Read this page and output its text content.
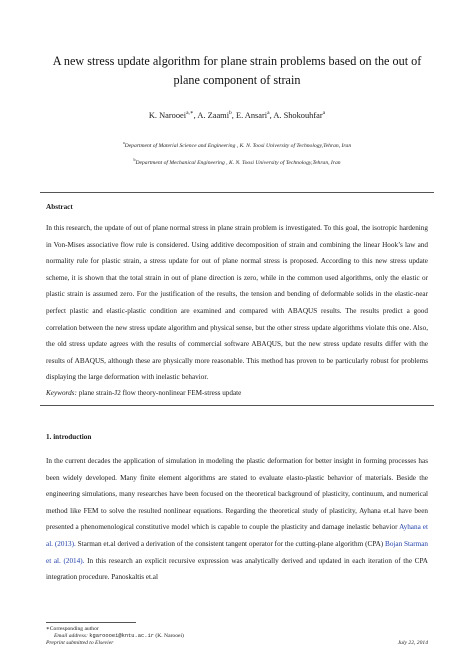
A new stress update algorithm for plane strain problems based on the out of plane component of strain
K. Narooei$^{a,∗}$, A. Zaami$^b$, E. Ansari$^a$, A. Shokouhfar$^a$
$^a$Department of Material Science and Engineering , K. N. Toosi University of Technology,Tehran, Iran
$^b$Department of Mechanical Engineering , K. N. Toosi University of Technology,Tehran, Iran
Abstract
In this research, the update of out of plane normal stress in plane strain problem is investigated. To this goal, the isotropic hardening in Von-Mises associative flow rule is considered. Using additive decomposition of strain and combining the linear Hook’s law and normality rule for plastic strain, a stress update for out of plane normal stress is proposed. According to this new stress update scheme, it is shown that the total strain in out of plane direction is zero, while in the common used algorithms, only the elastic or plastic strain is assumed zero. For the justification of the results, the tension and bending of deformable solids in the elastic-near perfect plastic and elastic-plastic condition are examined and compared with ABAQUS results. The results predict a good correlation between the new stress update algorithm and physical sense, but the other stress update algorithms violate this one. Also, the old stress update agrees with the results of commercial software ABAQUS, but the new stress update results differ with the results of ABAQUS, although these are physically more reasonable. This method has proven to be particularly robust for problems displaying the large deformation with inelastic behavior.
Keywords: plane strain-J2 flow theory-nonlinear FEM-stress update
1. introduction
In the current decades the application of simulation in modeling the plastic deformation for better insight in forming processes has been widely developed. Many finite element algorithms are stated to evaluate elasto-plastic behavior of materials. Beside the engineering simulations, many researches have been focused on the theoretical background of plasticity, continuum, and numerical method like FEM to solve the resulted nonlinear equations. Regarding the theoretical study of plasticity, Ayhana et.al have been presented a phenomenological constitutive model which is capable to couple the plasticity and damage inelastic behavior Ayhana et al. (2013). Starman et.al derived a derivation of the consistent tangent operator for the cutting-plane algorithm (CPA) Bojan Starman et al. (2014). In this research an explicit recursive expression was analytically derived and updated in each iteration of the CPA integration procedure. Panoskaltis et.al
∗Corresponding author
Email address: kgaroooei@kntu.ac.ir (K. Narooei)
Preprint submitted to Elsevier	July 22, 2014
